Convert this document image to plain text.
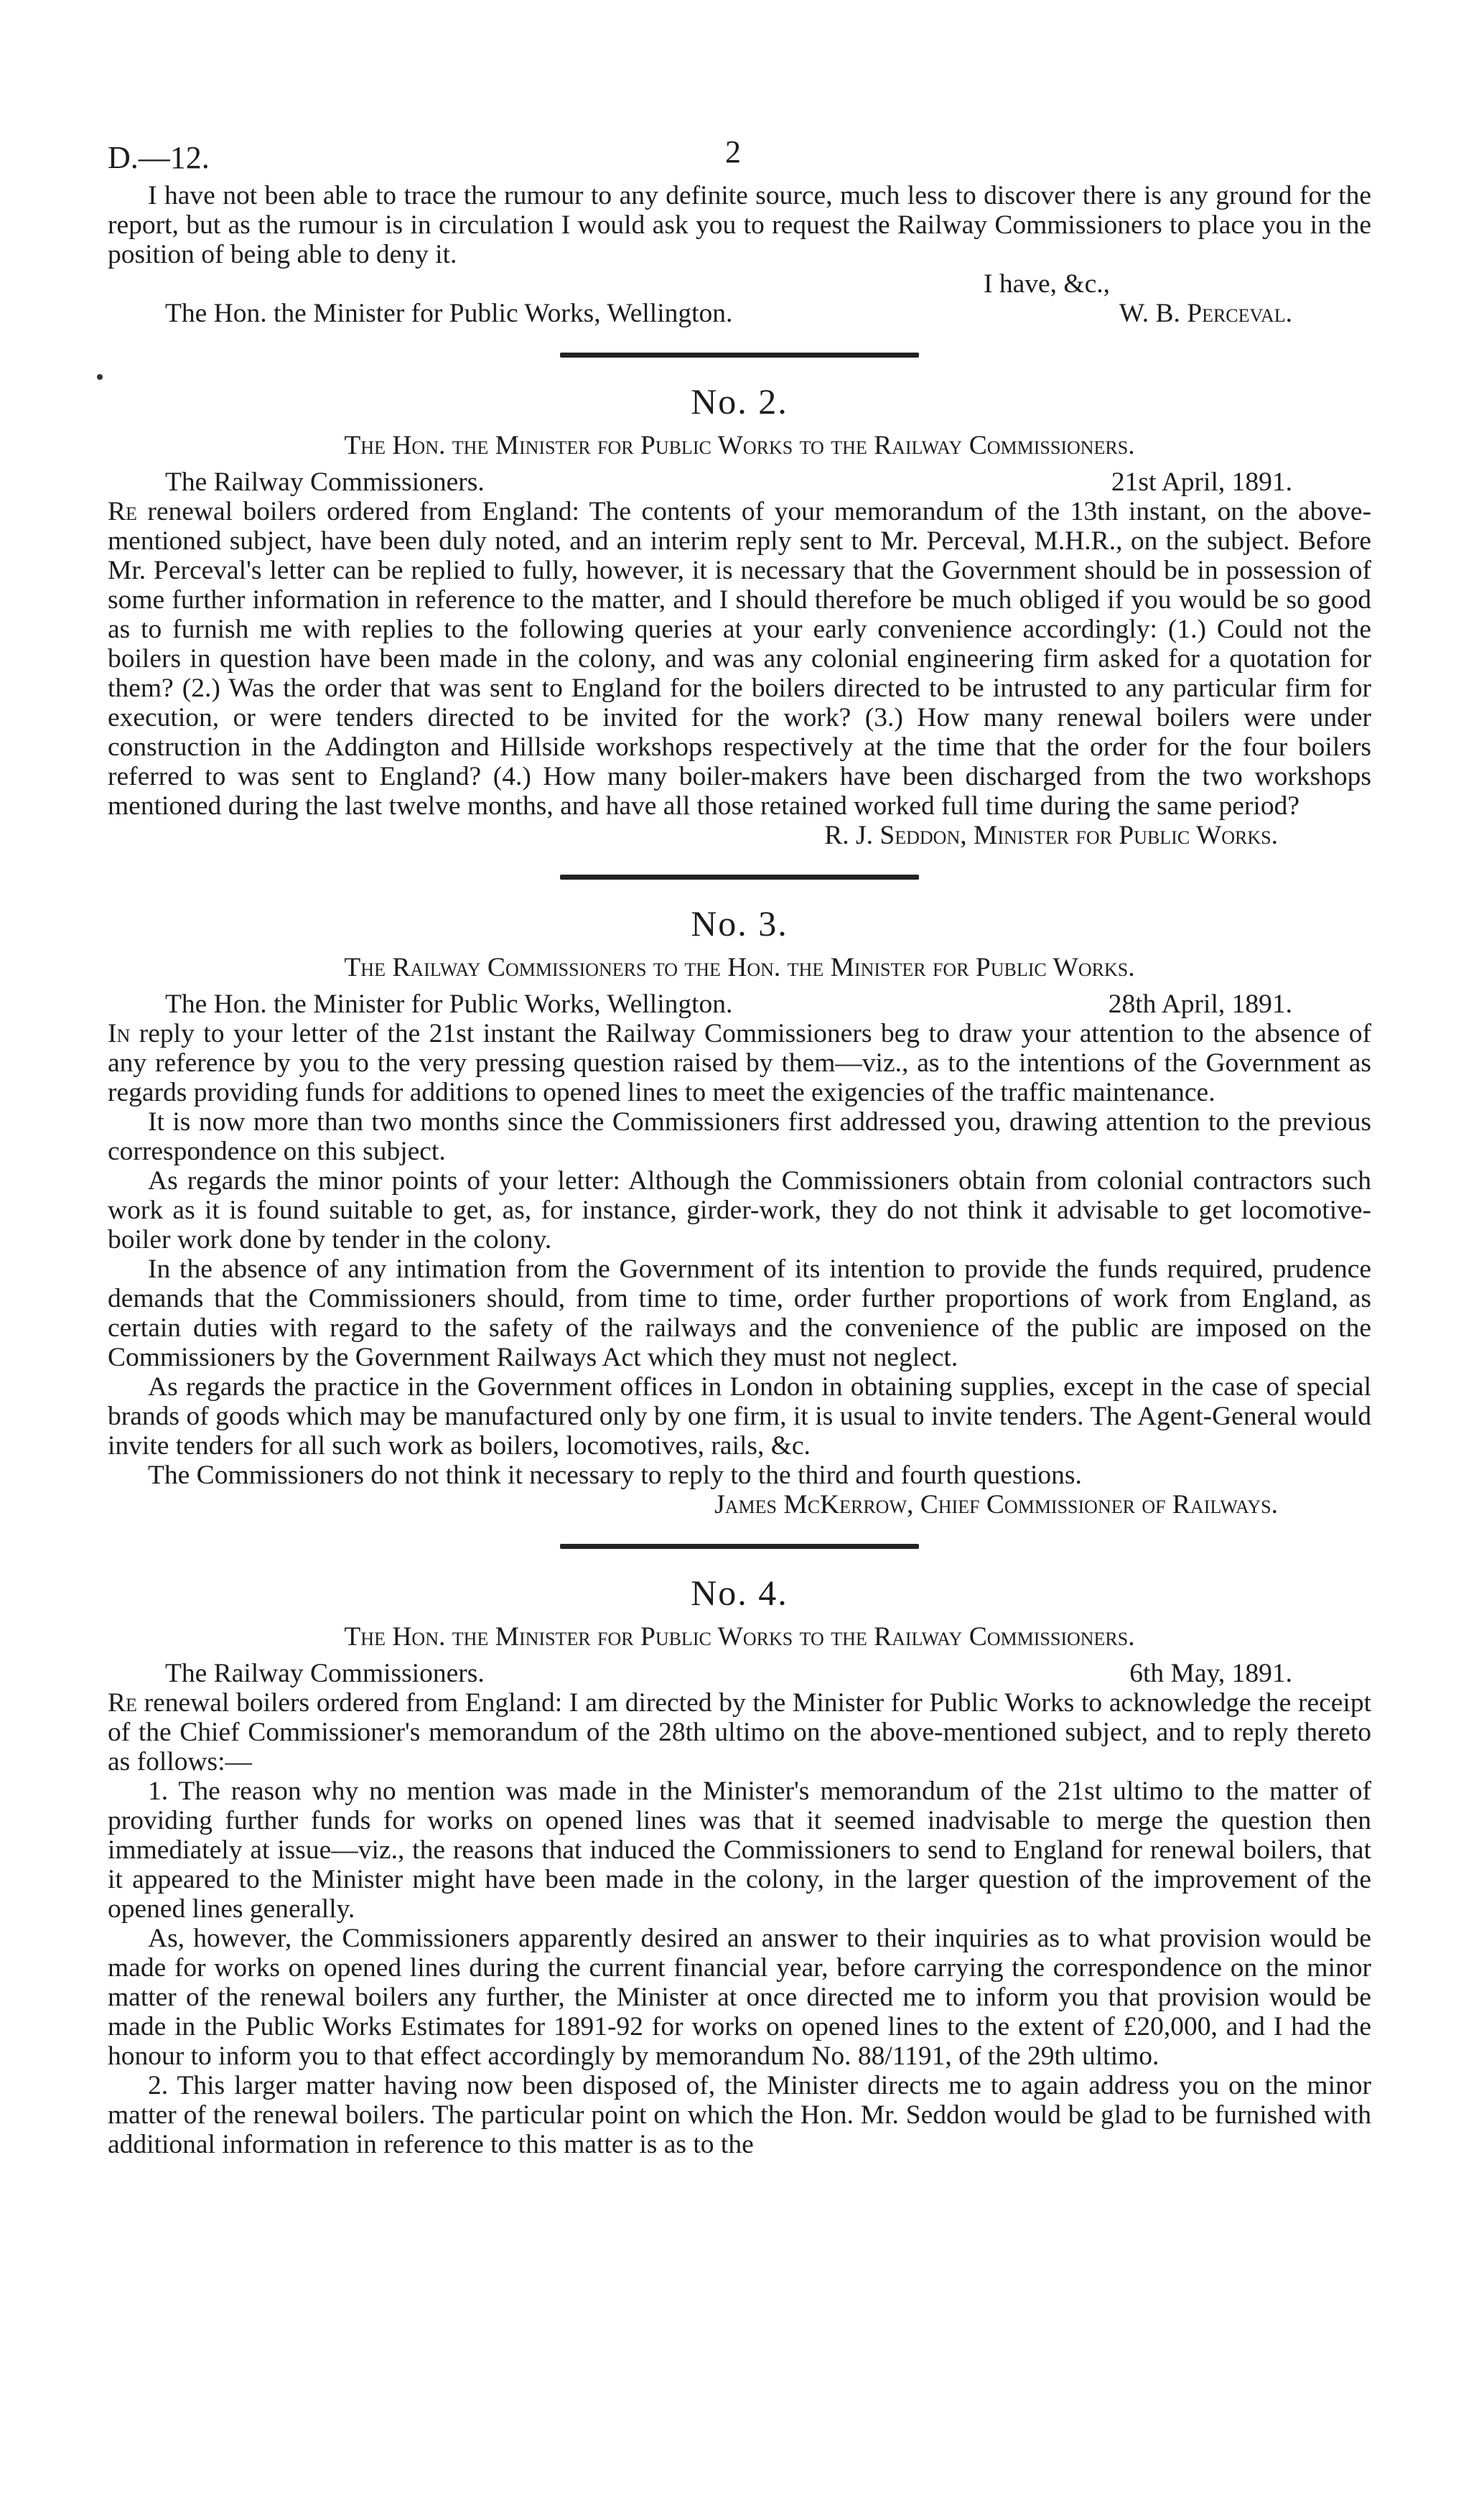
D.—12.	2

I have not been able to trace the rumour to any definite source, much less to discover there is any ground for the report, but as the rumour is in circulation I would ask you to request the Railway Commissioners to place you in the position of being able to deny it.

I have, &c.,
The Hon. the Minister for Public Works, Wellington.	W. B. Perceval.
No. 2.
The Hon. the Minister for Public Works to the Railway Commissioners.
The Railway Commissioners.	21st April, 1891.

Re renewal boilers ordered from England: The contents of your memorandum of the 13th instant, on the above-mentioned subject, have been duly noted, and an interim reply sent to Mr. Perceval, M.H.R., on the subject. Before Mr. Perceval's letter can be replied to fully, however, it is necessary that the Government should be in possession of some further information in reference to the matter, and I should therefore be much obliged if you would be so good as to furnish me with replies to the following queries at your early convenience accordingly: (1.) Could not the boilers in question have been made in the colony, and was any colonial engineering firm asked for a quotation for them? (2.) Was the order that was sent to England for the boilers directed to be intrusted to any particular firm for execution, or were tenders directed to be invited for the work? (3.) How many renewal boilers were under construction in the Addington and Hillside workshops respectively at the time that the order for the four boilers referred to was sent to England? (4.) How many boiler-makers have been discharged from the two workshops mentioned during the last twelve months, and have all those retained worked full time during the same period?

R. J. Seddon, Minister for Public Works.
No. 3.
The Railway Commissioners to the Hon. the Minister for Public Works.
The Hon. the Minister for Public Works, Wellington.	28th April, 1891.

In reply to your letter of the 21st instant the Railway Commissioners beg to draw your attention to the absence of any reference by you to the very pressing question raised by them—viz., as to the intentions of the Government as regards providing funds for additions to opened lines to meet the exigencies of the traffic maintenance.

It is now more than two months since the Commissioners first addressed you, drawing attention to the previous correspondence on this subject.

As regards the minor points of your letter: Although the Commissioners obtain from colonial contractors such work as it is found suitable to get, as, for instance, girder-work, they do not think it advisable to get locomotive-boiler work done by tender in the colony.

In the absence of any intimation from the Government of its intention to provide the funds required, prudence demands that the Commissioners should, from time to time, order further proportions of work from England, as certain duties with regard to the safety of the railways and the convenience of the public are imposed on the Commissioners by the Government Railways Act which they must not neglect.

As regards the practice in the Government offices in London in obtaining supplies, except in the case of special brands of goods which may be manufactured only by one firm, it is usual to invite tenders. The Agent-General would invite tenders for all such work as boilers, locomotives, rails, &c.

The Commissioners do not think it necessary to reply to the third and fourth questions.

James McKerrow, Chief Commissioner of Railways.
No. 4.
The Hon. the Minister for Public Works to the Railway Commissioners.
The Railway Commissioners.	6th May, 1891.

Re renewal boilers ordered from England: I am directed by the Minister for Public Works to acknowledge the receipt of the Chief Commissioner's memorandum of the 28th ultimo on the above-mentioned subject, and to reply thereto as follows:—

1. The reason why no mention was made in the Minister's memorandum of the 21st ultimo to the matter of providing further funds for works on opened lines was that it seemed inadvisable to merge the question then immediately at issue—viz., the reasons that induced the Commissioners to send to England for renewal boilers, that it appeared to the Minister might have been made in the colony, in the larger question of the improvement of the opened lines generally.

As, however, the Commissioners apparently desired an answer to their inquiries as to what provision would be made for works on opened lines during the current financial year, before carrying the correspondence on the minor matter of the renewal boilers any further, the Minister at once directed me to inform you that provision would be made in the Public Works Estimates for 1891-92 for works on opened lines to the extent of £20,000, and I had the honour to inform you to that effect accordingly by memorandum No. 88/1191, of the 29th ultimo.

2. This larger matter having now been disposed of, the Minister directs me to again address you on the minor matter of the renewal boilers. The particular point on which the Hon. Mr. Seddon would be glad to be furnished with additional information in reference to this matter is as to the
